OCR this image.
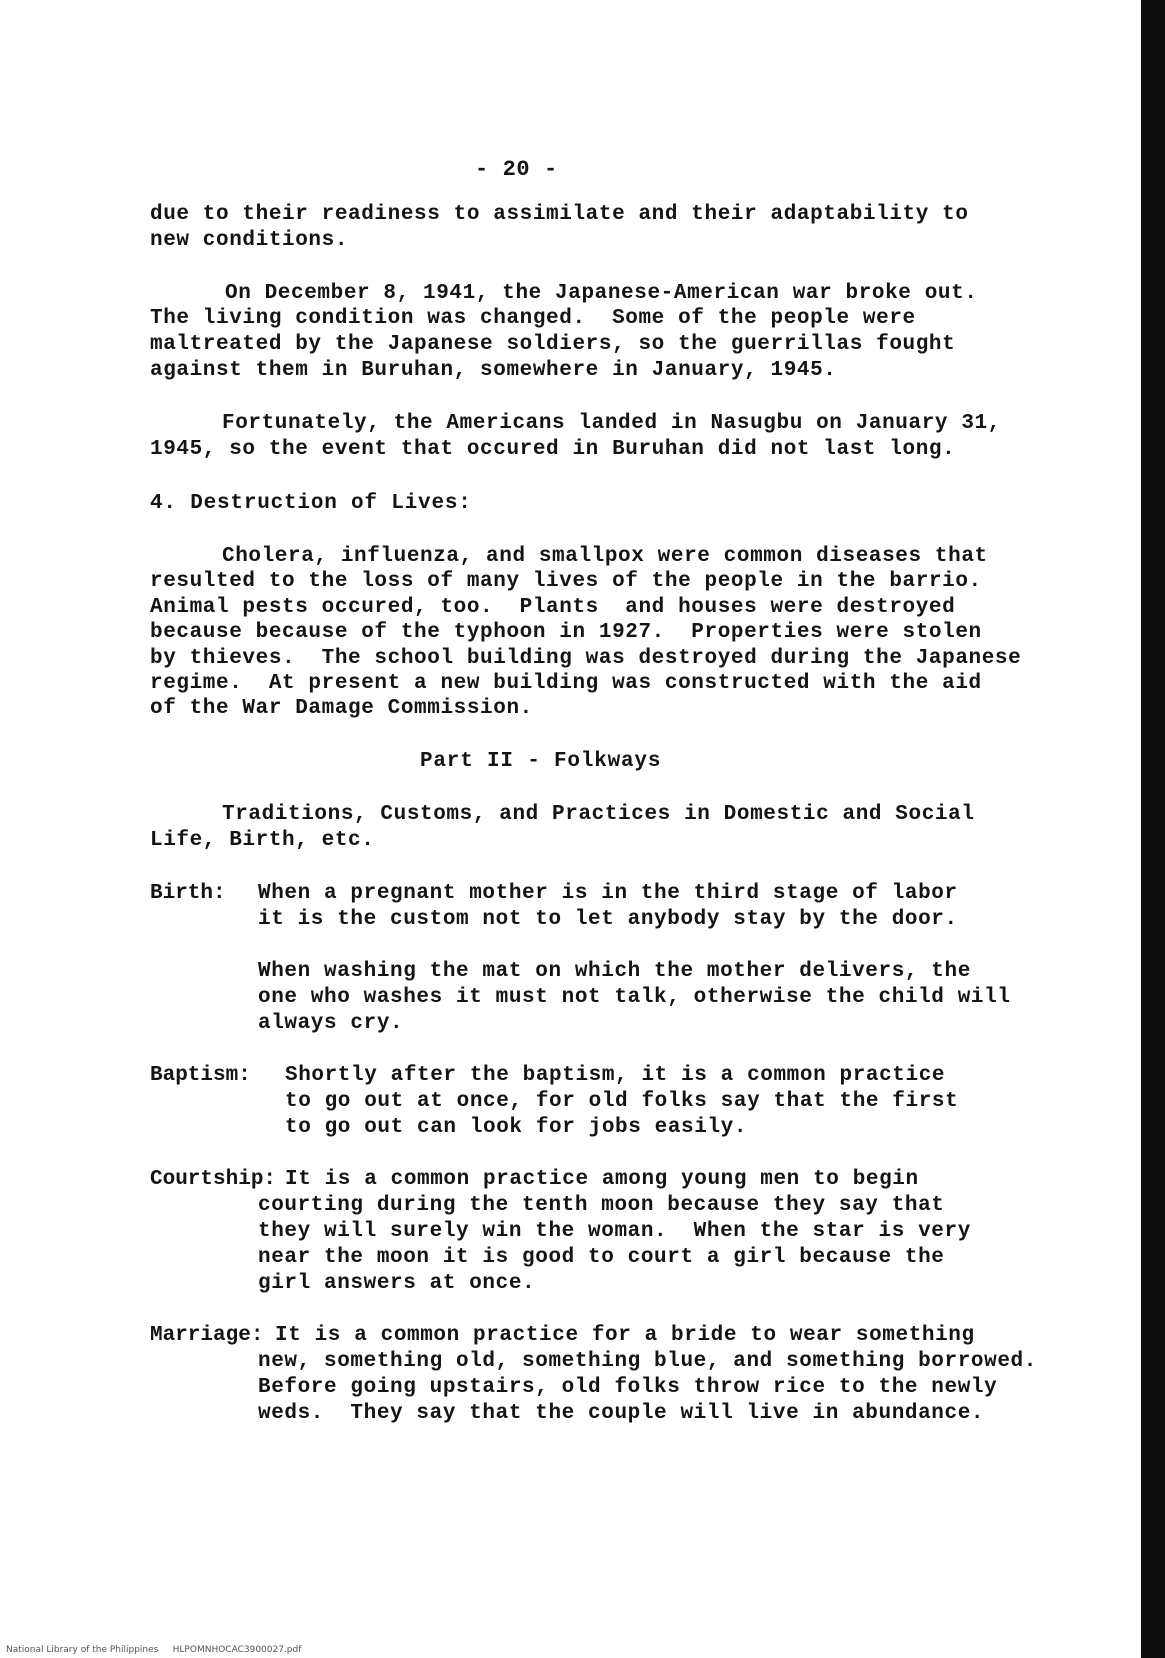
- 20 -
due to their readiness to assimilate and their adaptability to
new conditions.
On December 8, 1941, the Japanese-American war broke out.
The living condition was changed.  Some of the people were
maltreated by the Japanese soldiers, so the guerrillas fought
against them in Buruhan, somewhere in January, 1945.
Fortunately, the Americans landed in Nasugbu on January 31,
1945, so the event that occured in Buruhan did not last long.
4. Destruction of Lives:
Cholera, influenza, and smallpox were common diseases that
resulted to the loss of many lives of the people in the barrio.
Animal pests occured, too.  Plants  and houses were destroyed
because because of the typhoon in 1927.  Properties were stolen
by thieves.  The school building was destroyed during the Japanese
regime.  At present a new building was constructed with the aid
of the War Damage Commission.
Part II - Folkways
Traditions, Customs, and Practices in Domestic and Social
Life, Birth, etc.
Birth: When a pregnant mother is in the third stage of labor
it is the custom not to let anybody stay by the door.
When washing the mat on which the mother delivers, the
one who washes it must not talk, otherwise the child will
always cry.
Baptism: Shortly after the baptism, it is a common practice
to go out at once, for old folks say that the first
to go out can look for jobs easily.
Courtship: It is a common practice among young men to begin
courting during the tenth moon because they say that
they will surely win the woman.  When the star is very
near the moon it is good to court a girl because the
girl answers at once.
Marriage: It is a common practice for a bride to wear something
new, something old, something blue, and something borrowed.
Before going upstairs, old folks throw rice to the newly
weds.  They say that the couple will live in abundance.
National Library of the Philippines     HLPOMNHOCAC3900027.pdf
